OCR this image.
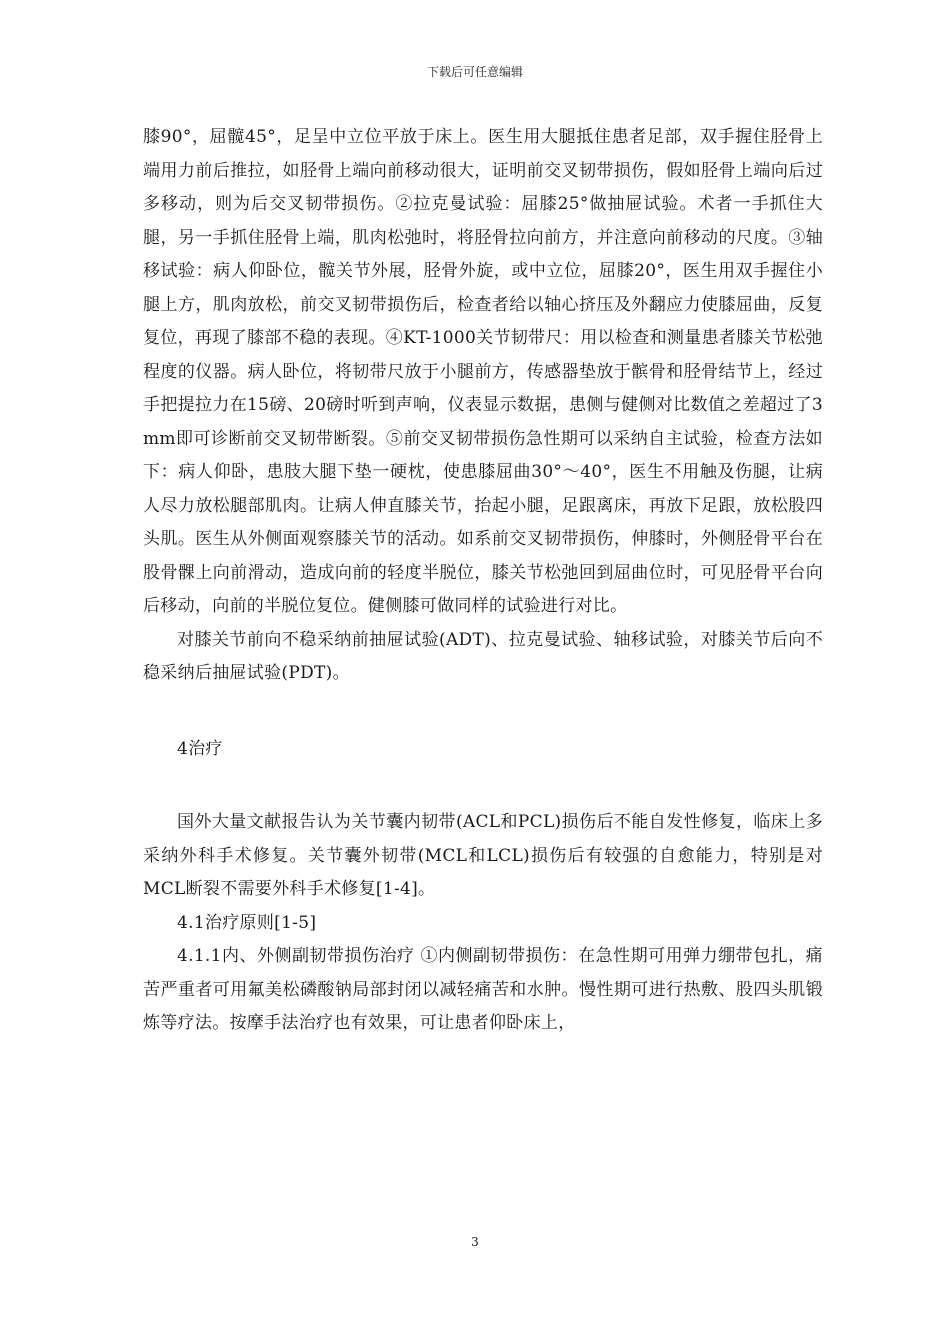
下载后可任意编辑

膝90°，屈髋45°，足呈中立位平放于床上。医生用大腿抵住患者足部，双手握住胫骨上端用力前后推拉，如胫骨上端向前移动很大，证明前交叉韧带损伤，假如胫骨上端向后过多移动，则为后交叉韧带损伤。②拉克曼试验：屈膝25°做抽屉试验。术者一手抓住大腿，另一手抓住胫骨上端，肌肉松弛时，将胫骨拉向前方，并注意向前移动的尺度。③轴移试验：病人仰卧位，髋关节外展，胫骨外旋，或中立位，屈膝20°，医生用双手握住小腿上方，肌肉放松，前交叉韧带损伤后，检查者给以轴心挤压及外翻应力使膝屈曲，反复复位，再现了膝部不稳的表现。④KT-1000关节韧带尺：用以检查和测量患者膝关节松弛程度的仪器。病人卧位，将韧带尺放于小腿前方，传感器垫放于髌骨和胫骨结节上，经过手把提拉力在15磅、20磅时听到声响，仪表显示数据，患侧与健侧对比数值之差超过了3 mm即可诊断前交叉韧带断裂。⑤前交叉韧带损伤急性期可以采纳自主试验，检查方法如下：病人仰卧，患肢大腿下垫一硬枕，使患膝屈曲30°～40°，医生不用触及伤腿，让病人尽力放松腿部肌肉。让病人伸直膝关节，抬起小腿，足跟离床，再放下足跟，放松股四头肌。医生从外侧面观察膝关节的活动。如系前交叉韧带损伤，伸膝时，外侧胫骨平台在股骨髁上向前滑动，造成向前的轻度半脱位，膝关节松弛回到屈曲位时，可见胫骨平台向后移动，向前的半脱位复位。健侧膝可做同样的试验进行对比。

对膝关节前向不稳采纳前抽屉试验(ADT)、拉克曼试验、轴移试验，对膝关节后向不稳采纳后抽屉试验(PDT)。

4治疗

国外大量文献报告认为关节囊内韧带(ACL和PCL)损伤后不能自发性修复，临床上多采纳外科手术修复。关节囊外韧带(MCL和LCL)损伤后有较强的自愈能力，特别是对MCL断裂不需要外科手术修复[1-4]。

4.1治疗原则[1-5]

4.1.1内、外侧副韧带损伤治疗 ①内侧副韧带损伤：在急性期可用弹力绷带包扎，痛苦严重者可用氟美松磷酸钠局部封闭以减轻痛苦和水肿。慢性期可进行热敷、股四头肌锻炼等疗法。按摩手法治疗也有效果，可让患者仰卧床上，

3
